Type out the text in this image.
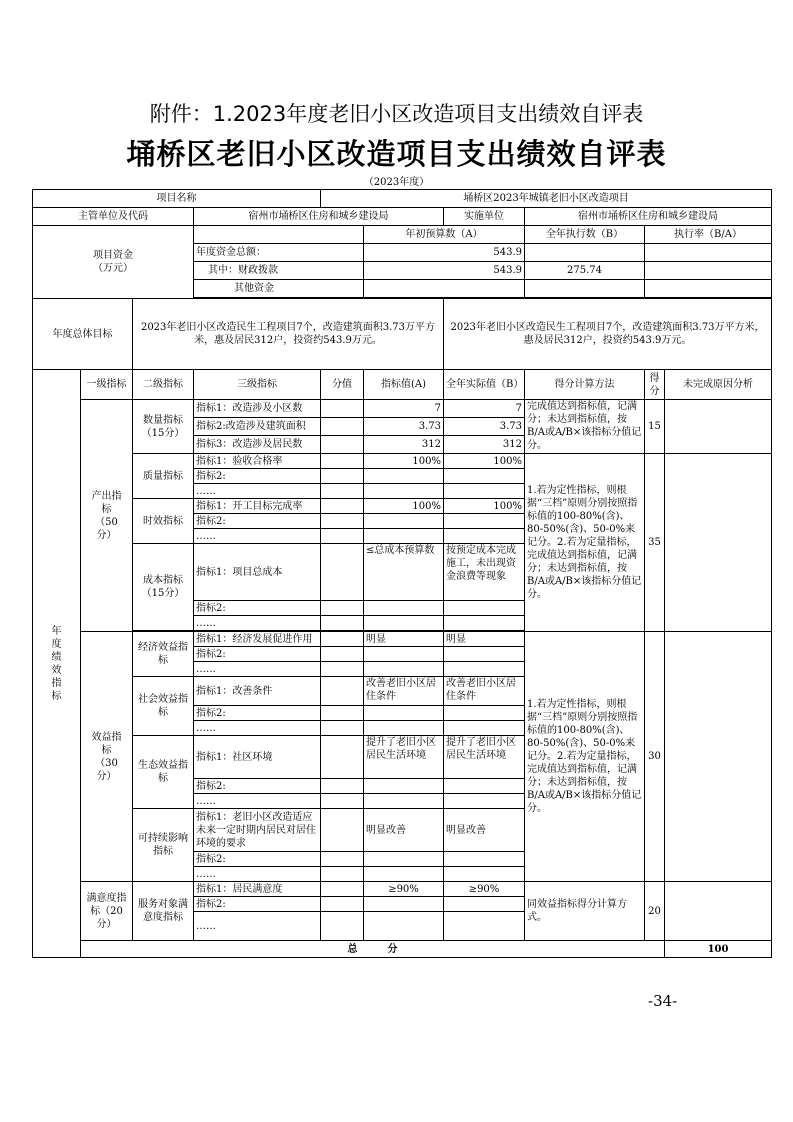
附件：1.2023年度老旧小区改造项目支出绩效自评表
埇桥区老旧小区改造项目支出绩效自评表
（2023年度）
项目名称				埇桥区2023年城镇老旧小区改造项目						
主管单位及代码			宿州市埇桥区住房和城乡建设局			实施单位	宿州市埇桥区住房和城乡建设局			

项目资金
（万元）					年初预算数（A）		全年执行数（B）	执行率（B/A）		
			年度资金总额：		543.9					
			其中：财政拨款		543.9		275.74			
			其他资金							

年度总体目标		2023年老旧小区改造民生工程项目7个，改造建筑面积3.73万平方米，惠及居民312户，投资约543.9万元。				2023年老旧小区改造民生工程项目7个，改造建筑面积3.73万平方米，惠及居民312户，投资约543.9万元。				
年度绩效指标	一级指标	二级指标	三级指标	分值	指标值(A)	全年实际值（B）	得分计算方法	得分	未完成原因分析	
	产出指标（50分）	数量指标（15分）	指标1：改造涉及小区数		7	7	完成值达到指标值，记满分；未达到指标值，按B/A或A/B×该指标分值记分。	15		
			指标2:改造涉及建筑面积		3.73	3.73				
			指标3：改造涉及居民数		312	312				
		质量指标	指标1：验收合格率		100%	100%	1.若为定性指标，则根据“三档”原则分别按照指标值的100-80%(含)、80-50%(含)、50-0%来记分。2.若为定量指标，完成值达到指标值，记满分；未达到指标值，按B/A或A/B×该指标分值记分。	35		
			指标2:							
			……							
		时效指标	指标1：开工目标完成率		100%	100%				
			指标2:							
			……							
		成本指标（15分）	指标1：项目总成本		≤总成本预算数	按预定成本完成施工，未出现资金浪费等现象				
			指标2:							
			……							

	效益指标（30分）	经济效益指标	指标1：经济发展促进作用		明显	明显	1.若为定性指标，则根据“三档”原则分别按照指标值的100-80%(含)、80-50%(含)、50-0%来记分。2.若为定量指标，完成值达到指标值，记满分；未达到指标值，按B/A或A/B×该指标分值记分。	30		
			指标2:							
			……							
		社会效益指标	指标1：改善条件		改善老旧小区居住条件	改善老旧小区居住条件				
			指标2:							
			……							
		生态效益指标	指标1：社区环境		提升了老旧小区居民生活环境	提升了老旧小区居民生活环境				
			指标2:							
			……							
		可持续影响指标	指标1：老旧小区改造适应未来一定时期内居民对居住环境的要求		明显改善	明显改善				
			指标2:							
			……							
	满意度指标（20分）	服务对象满意度指标	指标1：居民满意度		≥90%	≥90%	同效益指标得分计算方式。	20		
			指标2:							
			……							
	总　　　分								100	
-34-
